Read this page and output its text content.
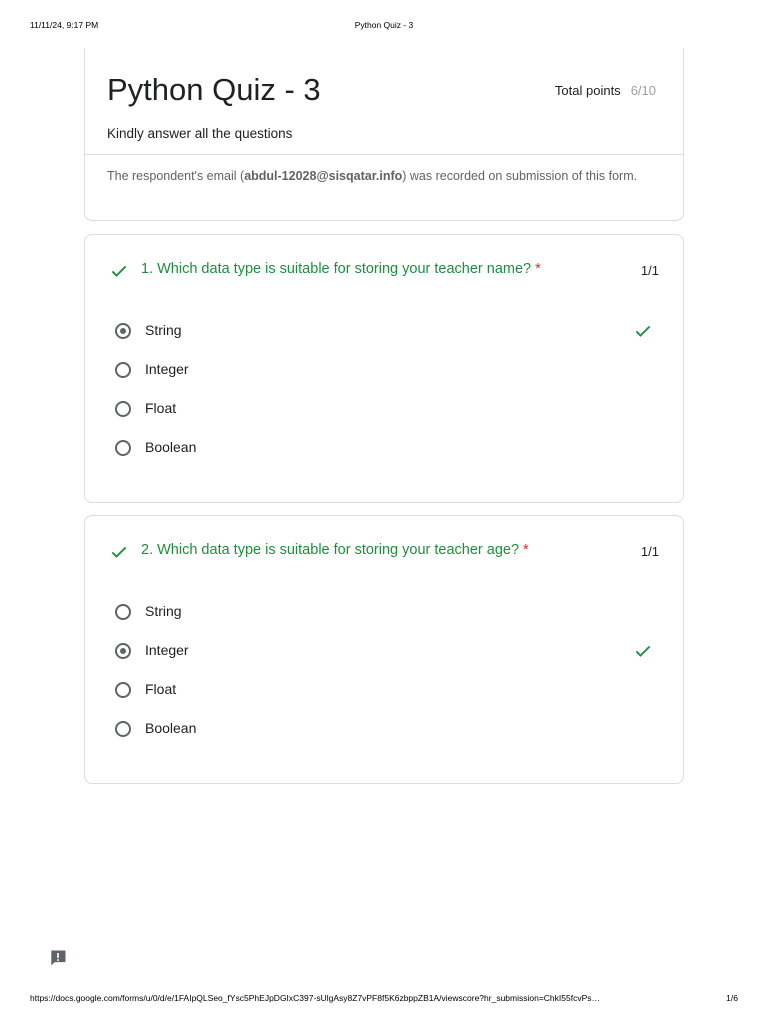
11/11/24, 9:17 PM	Python Quiz - 3
Python Quiz - 3	Total points 6/10
Kindly answer all the questions
The respondent's email (abdul-12028@sisqatar.info) was recorded on submission of this form.
1. Which data type is suitable for storing your teacher name? *	1/1
String
Integer
Float
Boolean
2. Which data type is suitable for storing your teacher age? *	1/1
String
Integer
Float
Boolean
https://docs.google.com/forms/u/0/d/e/1FAIpQLSeo_fYsc5PhEJpDGIxC397-sUlgAsy8Z7vPF8f5K6zbppZB1A/viewscore?hr_submission=ChkI55fcvPs…	1/6
